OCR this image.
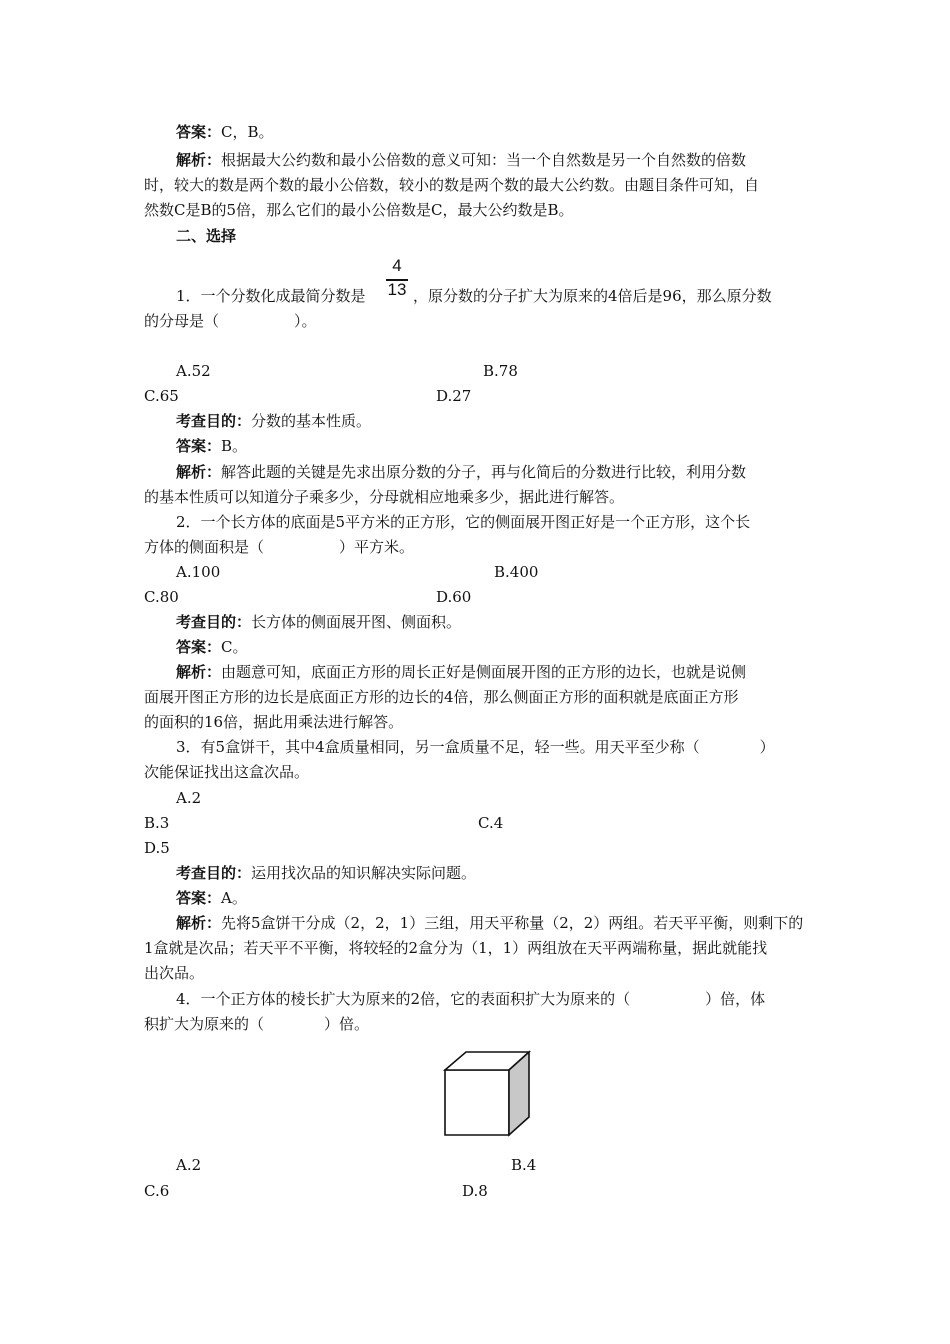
答案：C，B。
解析：根据最大公约数和最小公倍数的意义可知：当一个自然数是另一个自然数的倍数
时，较大的数是两个数的最小公倍数，较小的数是两个数的最大公约数。由题目条件可知，自
然数C是B的5倍，那么它们的最小公倍数是C，最大公约数是B。
二、选择
1．一个分数化成最简分数是
4
13 ，原分数的分子扩大为原来的4倍后是96，那么原分数
的分母是（　　　　　）。
A.52	B.78
C.65	D.27
考查目的：分数的基本性质。
答案：B。
解析：解答此题的关键是先求出原分数的分子，再与化简后的分数进行比较，利用分数
的基本性质可以知道分子乘多少，分母就相应地乘多少，据此进行解答。
2．一个长方体的底面是5平方米的正方形，它的侧面展开图正好是一个正方形，这个长
方体的侧面积是（　　　　　）平方米。
A.100	B.400
C.80	D.60
考查目的：长方体的侧面展开图、侧面积。
答案：C。
解析：由题意可知，底面正方形的周长正好是侧面展开图的正方形的边长，也就是说侧
面展开图正方形的边长是底面正方形的边长的4倍，那么侧面正方形的面积就是底面正方形
的面积的16倍，据此用乘法进行解答。
3．有5盒饼干，其中4盒质量相同，另一盒质量不足，轻一些。用天平至少称（　　　　）
次能保证找出这盒次品。
A.2
B.3	C.4
D.5
考查目的：运用找次品的知识解决实际问题。
答案：A。
解析：先将5盒饼干分成（2，2，1）三组，用天平称量（2，2）两组。若天平平衡，则剩下的
1盒就是次品；若天平不平衡，将较轻的2盒分为（1，1）两组放在天平两端称量，据此就能找
出次品。
4．一个正方体的棱长扩大为原来的2倍，它的表面积扩大为原来的（　　　　　）倍，体
积扩大为原来的（　　　　）倍。
A.2	B.4
C.6	D.8
